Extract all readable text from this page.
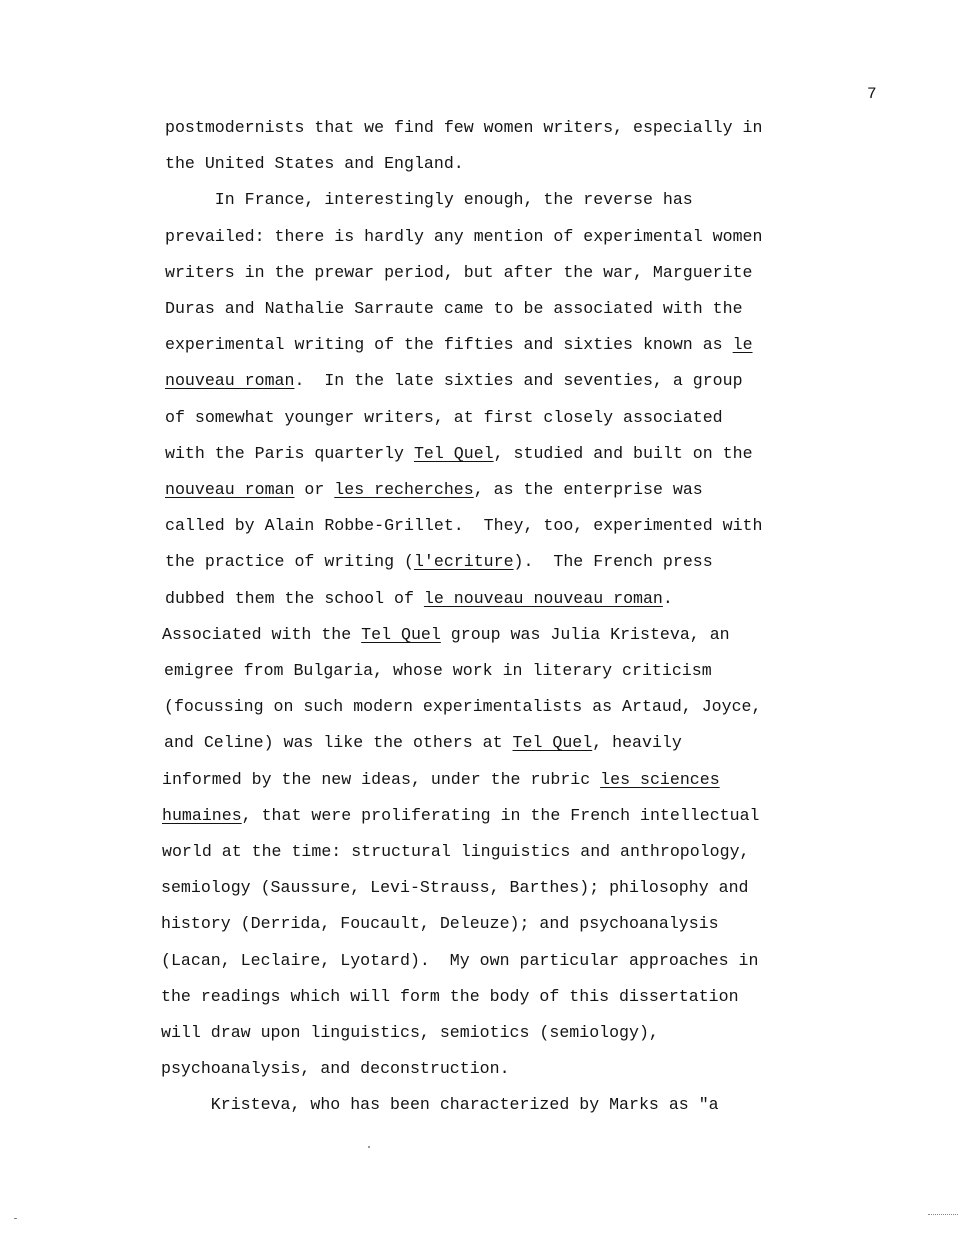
7
postmodernists that we find few women writers, especially in
the United States and England.
In France, interestingly enough, the reverse has
prevailed: there is hardly any mention of experimental women
writers in the prewar period, but after the war, Marguerite
Duras and Nathalie Sarraute came to be associated with the
experimental writing of the fifties and sixties known as le
nouveau roman.  In the late sixties and seventies, a group
of somewhat younger writers, at first closely associated
with the Paris quarterly Tel Quel, studied and built on the
nouveau roman or les recherches, as the enterprise was
called by Alain Robbe-Grillet.  They, too, experimented with
the practice of writing (l'ecriture).  The French press
dubbed them the school of le nouveau nouveau roman.
Associated with the Tel Quel group was Julia Kristeva, an
emigree from Bulgaria, whose work in literary criticism
(focussing on such modern experimentalists as Artaud, Joyce,
and Celine) was like the others at Tel Quel, heavily
informed by the new ideas, under the rubric les sciences
humaines, that were proliferating in the French intellectual
world at the time: structural linguistics and anthropology,
semiology (Saussure, Levi-Strauss, Barthes); philosophy and
history (Derrida, Foucault, Deleuze); and psychoanalysis
(Lacan, Leclaire, Lyotard).  My own particular approaches in
the readings which will form the body of this dissertation
will draw upon linguistics, semiotics (semiology),
psychoanalysis, and deconstruction.
Kristeva, who has been characterized by Marks as "a
